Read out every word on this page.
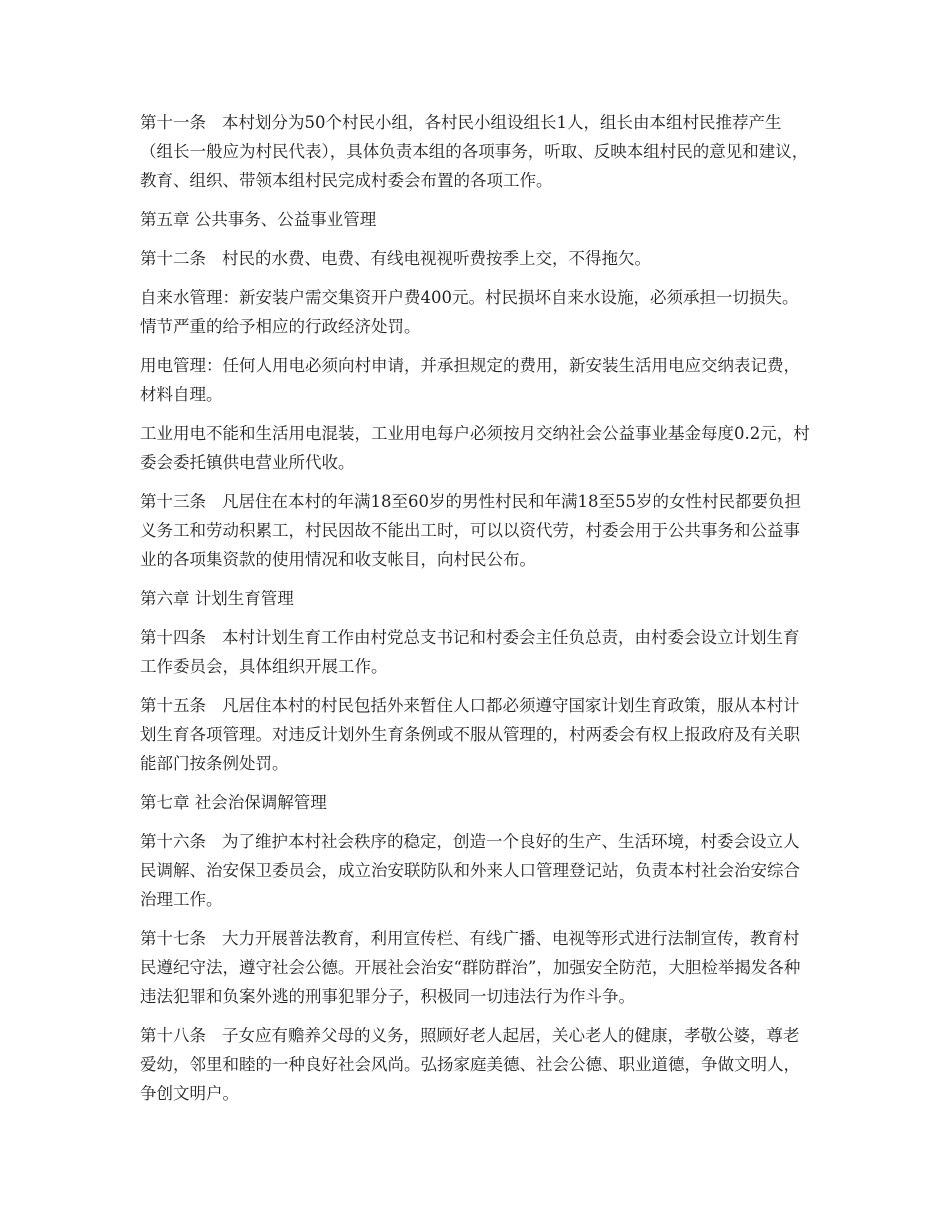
第十一条 本村划分为50个村民小组，各村民小组设组长1人，组长由本组村民推荐产生（组长一般应为村民代表），具体负责本组的各项事务，听取、反映本组村民的意见和建议，教育、组织、带领本组村民完成村委会布置的各项工作。

第五章 公共事务、公益事业管理

第十二条 村民的水费、电费、有线电视视听费按季上交，不得拖欠。

自来水管理：新安装户需交集资开户费400元。村民损坏自来水设施，必须承担一切损失。情节严重的给予相应的行政经济处罚。

用电管理：任何人用电必须向村申请，并承担规定的费用，新安装生活用电应交纳表记费，材料自理。

工业用电不能和生活用电混装，工业用电每户必须按月交纳社会公益事业基金每度0.2元，村委会委托镇供电营业所代收。

第十三条 凡居住在本村的年满18至60岁的男性村民和年满18至55岁的女性村民都要负担义务工和劳动积累工，村民因故不能出工时，可以以资代劳，村委会用于公共事务和公益事业的各项集资款的使用情况和收支帐目，向村民公布。

第六章 计划生育管理

第十四条 本村计划生育工作由村党总支书记和村委会主任负总责，由村委会设立计划生育工作委员会，具体组织开展工作。

第十五条 凡居住本村的村民包括外来暂住人口都必须遵守国家计划生育政策，服从本村计划生育各项管理。对违反计划外生育条例或不服从管理的，村两委会有权上报政府及有关职能部门按条例处罚。

第七章 社会治保调解管理

第十六条 为了维护本村社会秩序的稳定，创造一个良好的生产、生活环境，村委会设立人民调解、治安保卫委员会，成立治安联防队和外来人口管理登记站，负责本村社会治安综合治理工作。

第十七条 大力开展普法教育，利用宣传栏、有线广播、电视等形式进行法制宣传，教育村民遵纪守法，遵守社会公德。开展社会治安“群防群治”，加强安全防范，大胆检举揭发各种违法犯罪和负案外逃的刑事犯罪分子，积极同一切违法行为作斗争。

第十八条 子女应有赡养父母的义务，照顾好老人起居，关心老人的健康，孝敬公婆，尊老爱幼，邻里和睦的一种良好社会风尚。弘扬家庭美德、社会公德、职业道德，争做文明人，争创文明户。
